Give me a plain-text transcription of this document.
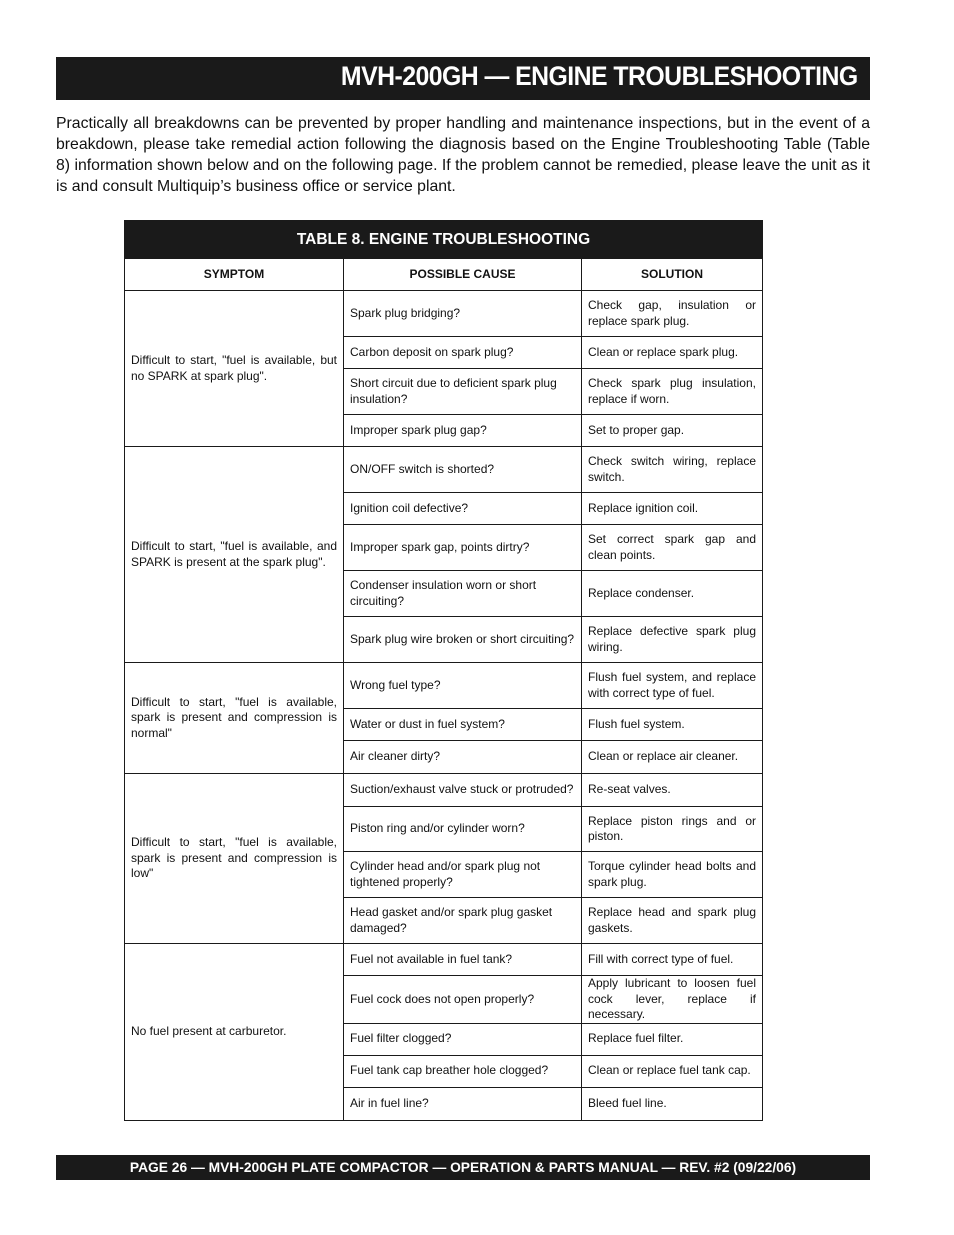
MVH-200GH — ENGINE TROUBLESHOOTING

Practically all breakdowns can be prevented by proper handling and maintenance inspections, but in the event of a breakdown, please take remedial action following the diagnosis based on the Engine Troubleshooting Table (Table 8) information shown below and on the following page. If the problem cannot be remedied, please leave the unit as it is and consult Multiquip’s business office or service plant.

TABLE 8. ENGINE TROUBLESHOOTING		
SYMPTOM	POSSIBLE CAUSE	SOLUTION
Difficult to start, "fuel is available, but no SPARK at spark plug".	Spark plug bridging?	Check gap, insulation or replace spark plug.
	Carbon deposit on spark plug?	Clean or replace spark plug.
	Short circuit due to deficient spark plug insulation?	Check spark plug insulation, replace if worn.
	Improper spark plug gap?	Set to proper gap.
Difficult to start, "fuel is available, and SPARK is present at the spark plug".	ON/OFF switch is shorted?	Check switch wiring, replace switch.
	Ignition coil defective?	Replace ignition coil.
	Improper spark gap, points dirtry?	Set correct spark gap and clean points.
	Condenser insulation worn or short circuiting?	Replace condenser.
	Spark plug wire broken or short circuiting?	Replace defective spark plug wiring.
Difficult to start, "fuel is available, spark is present and compression is normal"	Wrong fuel type?	Flush fuel system, and replace with correct type of fuel.
	Water or dust in fuel system?	Flush fuel system.
	Air cleaner dirty?	Clean or replace air cleaner.
Difficult to start, "fuel is available, spark is present and compression is low"	Suction/exhaust valve stuck or protruded?	Re-seat valves.
	Piston ring and/or cylinder worn?	Replace piston rings and or piston.
	Cylinder head and/or spark plug not tightened properly?	Torque cylinder head bolts and spark plug.
	Head gasket and/or spark plug gasket damaged?	Replace head and spark plug gaskets.
No fuel present at carburetor.	Fuel not available in fuel tank?	Fill with correct type of fuel.
	Fuel cock does not open properly?	Apply lubricant to loosen fuel cock lever, replace if necessary.
	Fuel filter clogged?	Replace fuel filter.
	Fuel tank cap breather hole clogged?	Clean or replace fuel tank cap.
	Air in fuel line?	Bleed fuel line.
PAGE 26 — MVH-200GH PLATE COMPACTOR — OPERATION & PARTS MANUAL — REV. #2 (09/22/06)
